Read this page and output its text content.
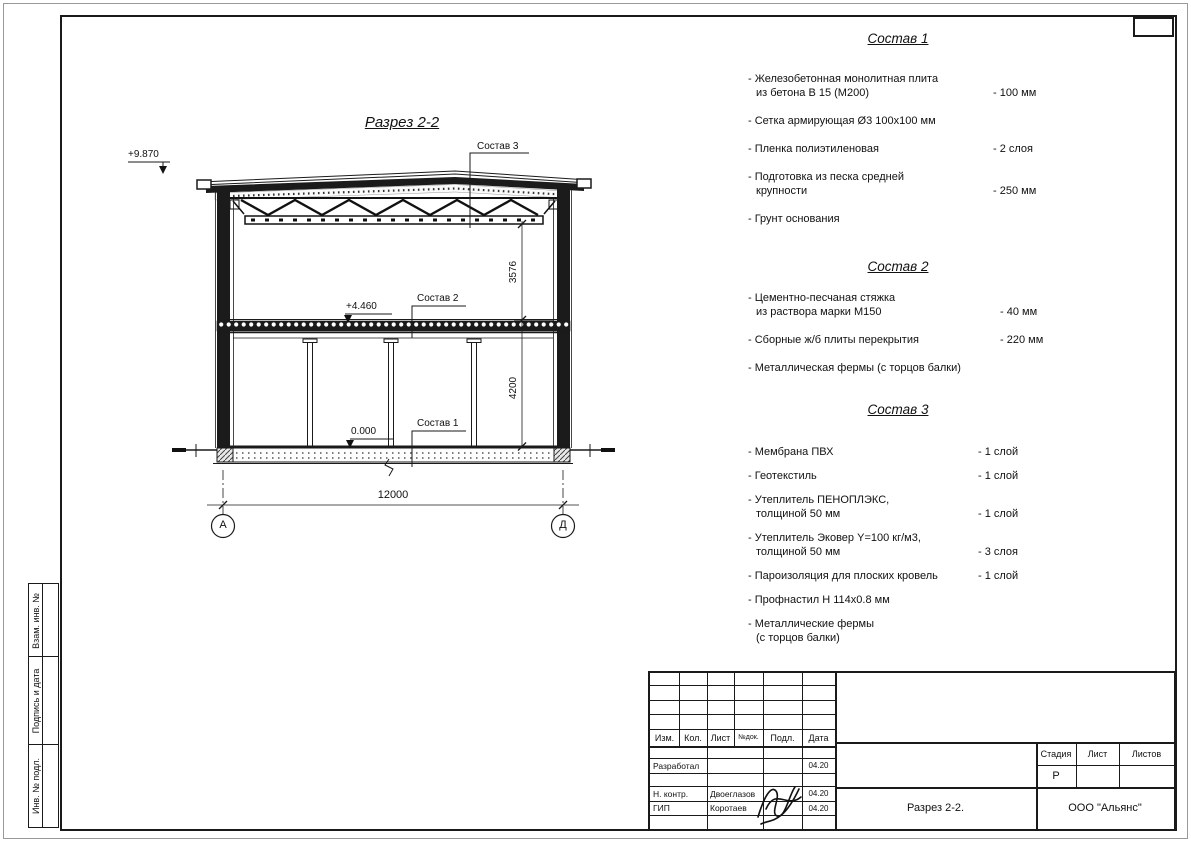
Взам. инв. №
Подпись и дата
Инв. № подл.
Разрез 2-2
+9.870
Состав 3
+4.460
Состав 2
0.000
Состав 1
3576
4200
12000
А	Д
Состав 1
- Железобетонная монолитная плита
из бетона В 15 (М200)	- 100 мм
- Сетка армирующая Ø3 100х100 мм
- Пленка полиэтиленовая	- 2 слоя
- Подготовка из песка средней
крупности	- 250 мм
- Грунт основания
Состав 2
- Цементно-песчаная стяжка
из раствора марки М150	- 40 мм
- Сборные ж/б плиты перекрытия	- 220 мм
- Металлическая фермы (с торцов балки)
Состав 3
- Мембрана ПВХ	- 1 слой
- Геотекстиль	- 1 слой
- Утеплитель ПЕНОПЛЭКС,
толщиной 50 мм	- 1 слой
- Утеплитель Эковер Y=100 кг/м3,
толщиной 50 мм	- 3 слоя
- Пароизоляция для плоских кровель	- 1 слой
- Профнастил Н 114х0.8 мм
- Металлические фермы
(с торцов балки)
Изм.	Кол. Лист	№док.	Подл.	Дата
Разработал	04.20
Н. контр.	Двоеглазов	04.20
ГИП	Коротаев	04.20
Стадия	Лист	Листов
Р
Разрез 2-2.	ООО "Альянс"
